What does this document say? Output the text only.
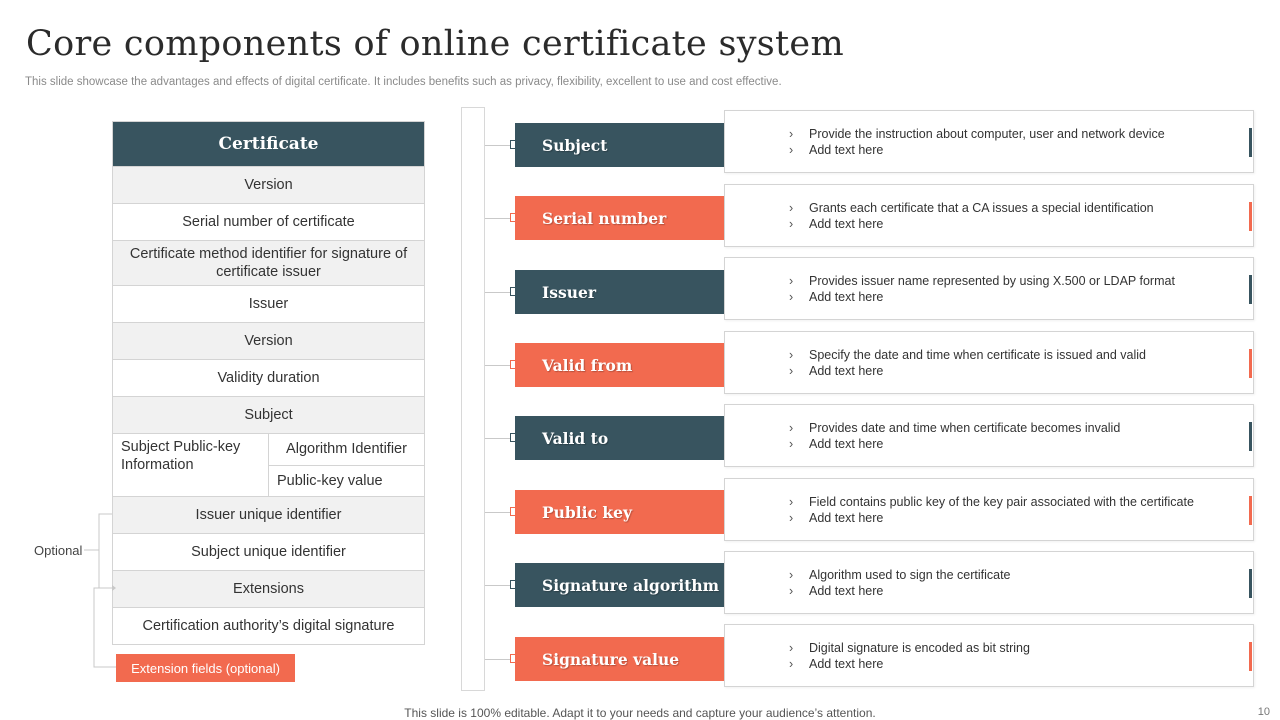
Core components of online certificate system
This slide showcase the advantages and effects of digital certificate. It includes benefits such as privacy, flexibility, excellent to use and cost effective.
Certificate
Version
Serial number of certificate
Certificate method identifier for signature of certificate issuer
Issuer
Version
Validity duration
Subject
Subject Public-key Information
Algorithm Identifier
Public-key value
Issuer unique identifier
Subject unique identifier
Extensions
Certification authority’s digital signature
Optional
Extension fields (optional)
Subject
› Provide the instruction about computer, user and network device
› Add text here
Serial number
› Grants each certificate that a CA issues a special identification
› Add text here
Issuer
› Provides issuer name represented by using X.500 or LDAP format
› Add text here
Valid from
› Specify the date and time when certificate is issued and valid
› Add text here
Valid to
› Provides date and time when certificate becomes invalid
› Add text here
Public key
› Field contains public key of the key pair associated with the certificate
› Add text here
Signature algorithm
› Algorithm used to sign the certificate
› Add text here
Signature value
› Digital signature is encoded as bit string
› Add text here
This slide is 100% editable. Adapt it to your needs and capture your audience’s attention.	10
